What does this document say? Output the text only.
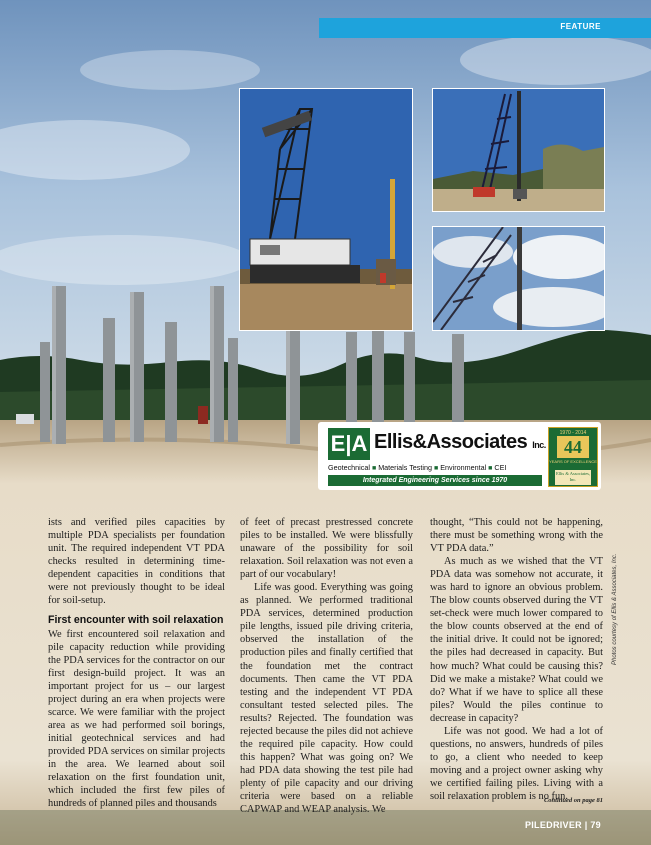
FEATURE
E|A Ellis&Associates Inc.
Geotechnical ■ Materials Testing ■ Environmental ■ CEI
Integrated Engineering Services since 1970
1970 - 2014
44
YEARS OF EXCELLENCE
Ellis & Associates, Inc.

ists and verified piles capacities by multiple PDA specialists per foundation unit. The required independent VT PDA checks resulted in determining time-dependent capacities in conditions that were not previously thought to be ideal for soil-setup.

First encounter with soil relaxation

We first encountered soil relaxation and pile capacity reduction while providing the PDA services for the contractor on our first design-build project. It was an important project for us – our largest project during an era when projects were scarce. We were familiar with the project area as we had performed soil borings, initial geotechnical services and had provided PDA services on similar projects in the area. We learned about soil relaxation on the first foundation unit, which included the first few piles of hundreds of planned piles and thousands

of feet of precast prestressed concrete piles to be installed. We were blissfully unaware of the possibility for soil relaxation. Soil relaxation was not even a part of our vocabulary!

Life was good. Everything was going as planned. We performed traditional PDA services, determined production pile lengths, issued pile driving criteria, observed the installation of the production piles and finally certified that the foundation met the contract documents. Then came the VT PDA testing and the independent VT PDA consultant tested selected piles. The results? Rejected. The foundation was rejected because the piles did not achieve the required pile capacity. How could this happen? What was going on? We had PDA data showing the test pile had plenty of pile capacity and our driving criteria were based on a reliable CAPWAP and WEAP analysis. We

thought, “This could not be happening, there must be something wrong with the VT PDA data.”

As much as we wished that the VT PDA data was somehow not accurate, it was hard to ignore an obvious problem. The blow counts observed during the VT set-check were much lower compared to the blow counts observed at the end of the initial drive. It could not be ignored; the piles had decreased in capacity. But how much? What could be causing this? Did we make a mistake? What could we do? What if we have to splice all these piles? Would the piles continue to decrease in capacity?

Life was not good. We had a lot of questions, no answers, hundreds of piles to go, a client who needed to keep moving and a project owner asking why we certified failing piles. Living with a soil relaxation problem is no fun.

Continued on page 81
Photos courtesy of Ellis & Associates, Inc.
PILEDRIVER | 79
